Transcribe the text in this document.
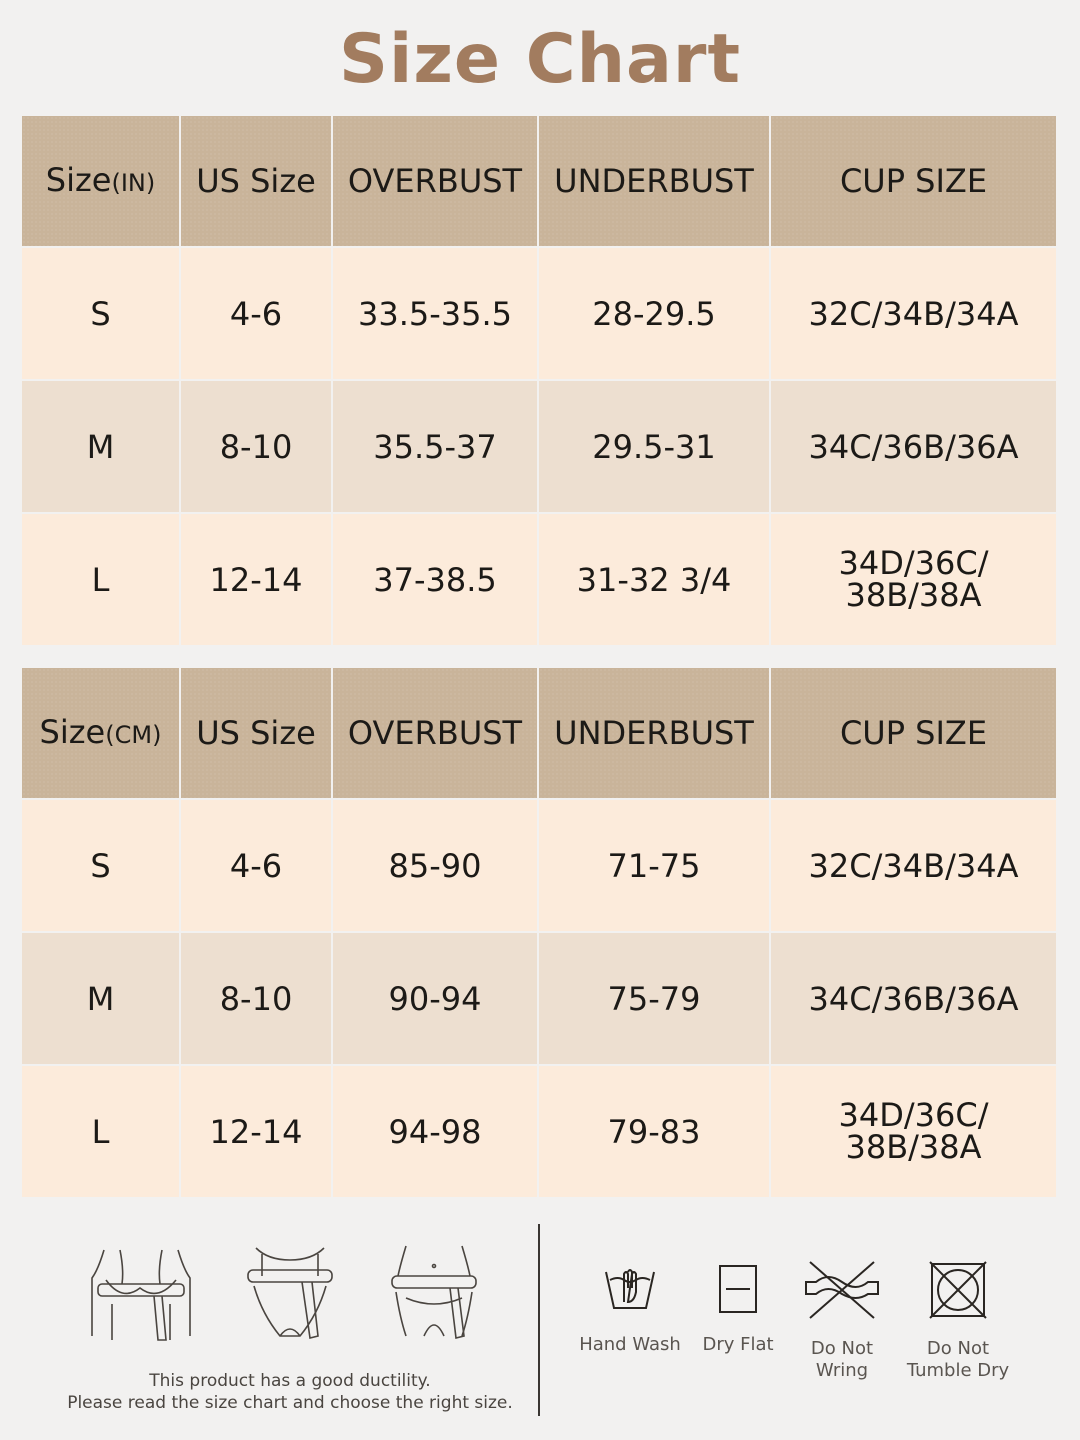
Size Chart
Size(IN)	US Size	OVERBUST	UNDERBUST	CUP SIZE
S	4-6	33.5-35.5	28-29.5	32C/34B/34A
M	8-10	35.5-37	29.5-31	34C/36B/36A
L	12-14	37-38.5	31-32 3/4	34D/36C/ 38B/38A
Size(CM)	US Size	OVERBUST	UNDERBUST	CUP SIZE
S	4-6	85-90	71-75	32C/34B/34A
M	8-10	90-94	75-79	34C/36B/36A
L	12-14	94-98	79-83	34D/36C/ 38B/38A
This product has a good ductility.
Please read the size chart and choose the right size.
Hand Wash	Dry Flat	Do Not Wring
Do Not Tumble Dry
